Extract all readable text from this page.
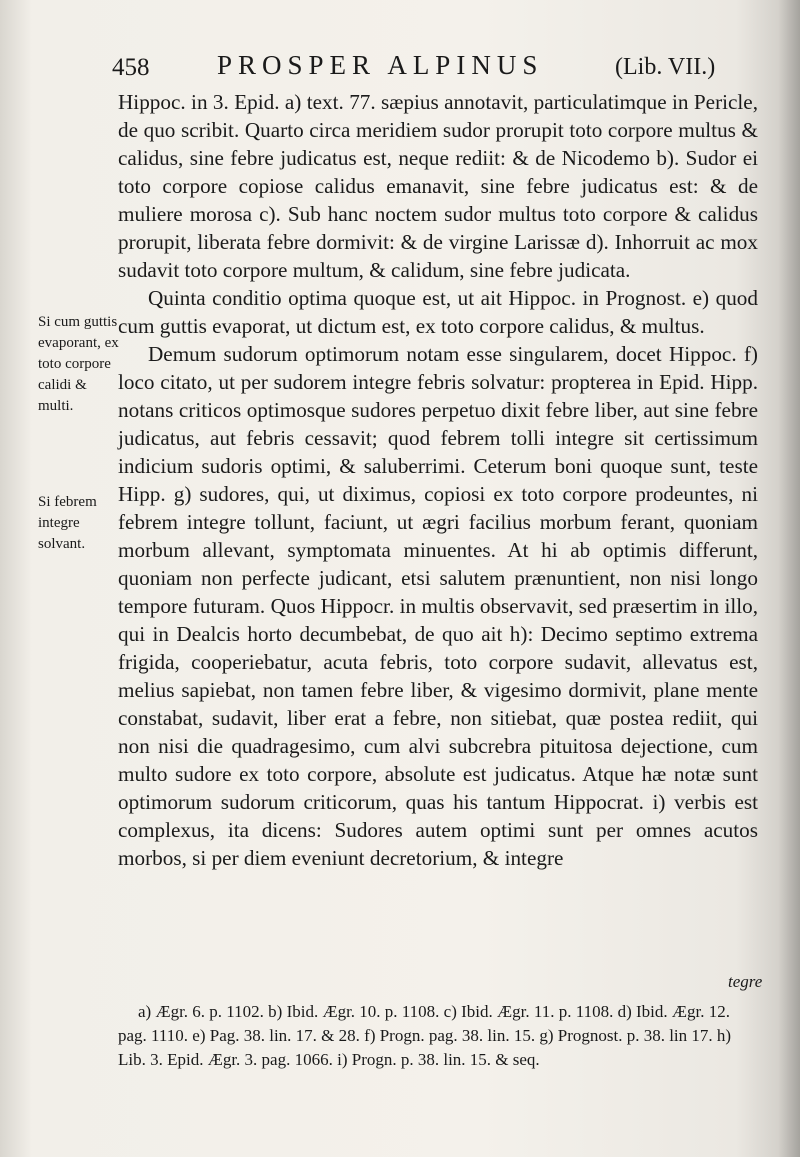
458	PROSPER ALPINUS	(Lib. VII.)
Si cum guttis evaporant, ex toto corpore calidi & multi.
Si febrem integre solvant.

Hippoc. in 3. Epid. a) text. 77. sæpius annotavit, particulatimque in Pericle, de quo scribit. Quarto circa meridiem sudor prorupit toto corpore multus & calidus, sine febre judicatus est, neque rediit: & de Nicodemo b). Sudor ei toto corpore copiose calidus emanavit, sine febre judicatus est: & de muliere morosa c). Sub hanc noctem sudor multus toto corpore & calidus prorupit, liberata febre dormivit: & de virgine Larissæ d). Inhorruit ac mox sudavit toto corpore multum, & calidum, sine febre judicata.

Quinta conditio optima quoque est, ut ait Hippoc. in Prognost. e) quod cum guttis evaporat, ut dictum est, ex toto corpore calidus, & multus.

Demum sudorum optimorum notam esse singularem, docet Hippoc. f) loco citato, ut per sudorem integre febris solvatur: propterea in Epid. Hipp. notans criticos optimosque sudores perpetuo dixit febre liber, aut sine febre judicatus, aut febris cessavit; quod febrem tolli integre sit certissimum indicium sudoris optimi, & saluberrimi. Ceterum boni quoque sunt, teste Hipp. g) sudores, qui, ut diximus, copiosi ex toto corpore prodeuntes, ni febrem integre tollunt, faciunt, ut ægri facilius morbum ferant, quoniam morbum allevant, symptomata minuentes. At hi ab optimis differunt, quoniam non perfecte judicant, etsi salutem prænuntient, non nisi longo tempore futuram. Quos Hippocr. in multis observavit, sed præsertim in illo, qui in Dealcis horto decumbebat, de quo ait h): Decimo septimo extrema frigida, cooperiebatur, acuta febris, toto corpore sudavit, allevatus est, melius sapiebat, non tamen febre liber, & vigesimo dormivit, plane mente constabat, sudavit, liber erat a febre, non sitiebat, quæ postea rediit, qui non nisi die quadragesimo, cum alvi subcrebra pituitosa dejectione, cum multo sudore ex toto corpore, absolute est judicatus. Atque hæ notæ sunt optimorum sudorum criticorum, quas his tantum Hippocrat. i) verbis est complexus, ita dicens: Sudores autem optimi sunt per omnes acutos morbos, si per diem eveniunt decretorium, & integre

tegre

a) Ægr. 6. p. 1102. b) Ibid. Ægr. 10. p. 1108. c) Ibid. Ægr. 11. p. 1108. d) Ibid. Ægr. 12. pag. 1110. e) Pag. 38. lin. 17. & 28. f) Progn. pag. 38. lin. 15. g) Prognost. p. 38. lin 17. h) Lib. 3. Epid. Ægr. 3. pag. 1066. i) Progn. p. 38. lin. 15. & seq.
